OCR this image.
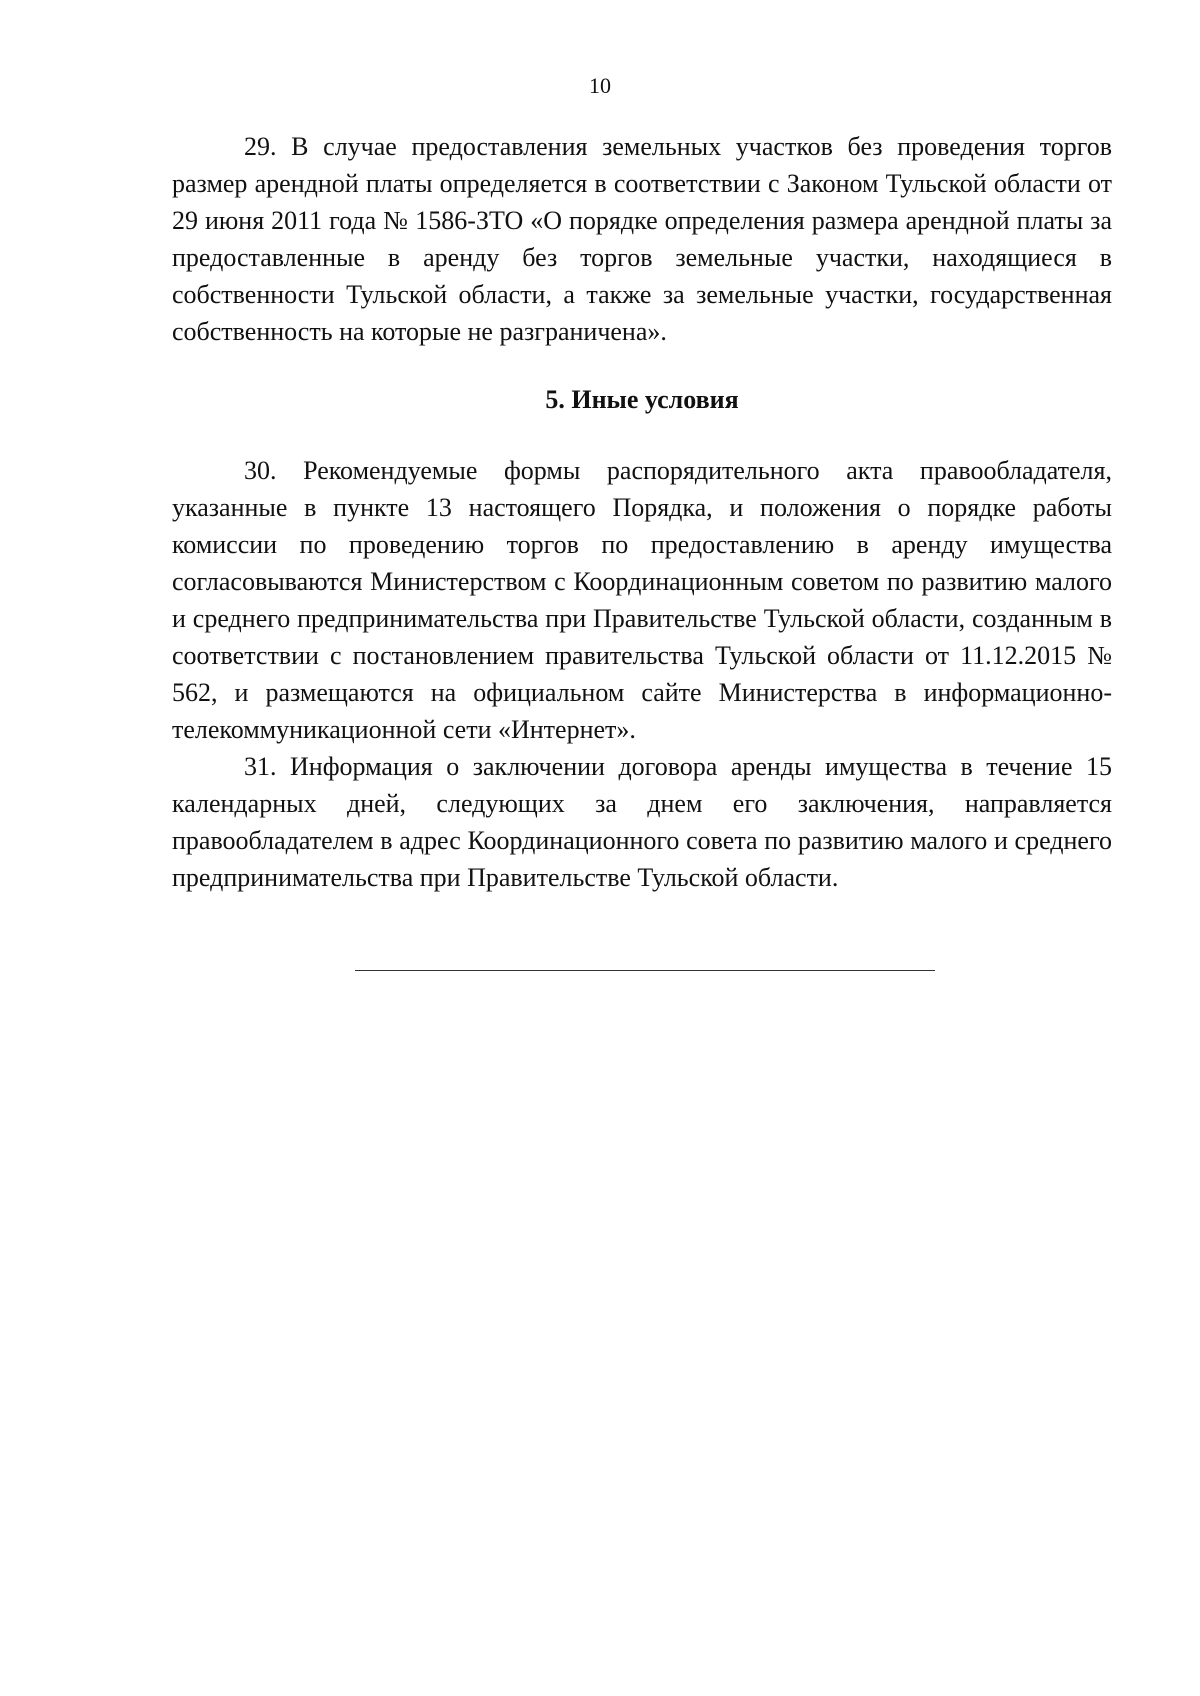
10

29. В случае предоставления земельных участков без проведения торгов размер арендной платы определяется в соответствии с Законом Тульской области от 29 июня 2011 года № 1586-ЗТО «О порядке определения размера арендной платы за предоставленные в аренду без торгов земельные участки, находящиеся в собственности Тульской области, а также за земельные участки, государственная собственность на которые не разграничена».

5. Иные условия

30. Рекомендуемые формы распорядительного акта правообладателя, указанные в пункте 13 настоящего Порядка, и положения о порядке работы комиссии по проведению торгов по предоставлению в аренду имущества согласовываются Министерством с Координационным советом по развитию малого и среднего предпринимательства при Правительстве Тульской области, созданным в соответствии с постановлением правительства Тульской области от 11.12.2015 № 562, и размещаются на официальном сайте Министерства в информационно-телекоммуникационной сети «Интернет».

31. Информация о заключении договора аренды имущества в течение 15 календарных дней, следующих за днем его заключения, направляется правообладателем в адрес Координационного совета по развитию малого и среднего предпринимательства при Правительстве Тульской области.
